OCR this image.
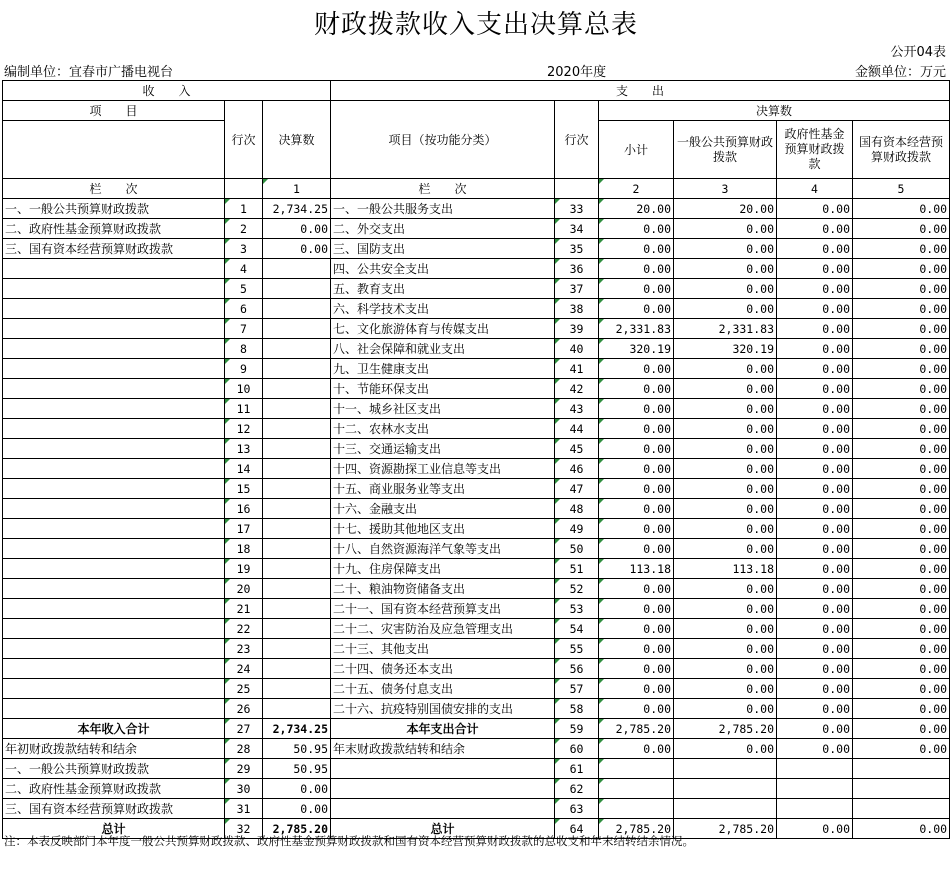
财政拨款收入支出决算总表
公开04表
编制单位：宜春市广播电视台	2020年度	金额单位：万元
收　　入			支　　出					
项　　目	行次	决算数	项目（按功能分类）	行次	决算数			
					小计	一般公共预算财政拨款	政府性基金预算财政拨款	国有资本经营预算财政拨款
栏　　次		1	栏　　次		2	3	4	5
一、一般公共预算财政拨款	1	2,734.25	一、一般公共服务支出	33	20.00	20.00	0.00	0.00
二、政府性基金预算财政拨款	2	0.00	二、外交支出	34	0.00	0.00	0.00	0.00
三、国有资本经营预算财政拨款	3	0.00	三、国防支出	35	0.00	0.00	0.00	0.00
	4		四、公共安全支出	36	0.00	0.00	0.00	0.00
	5		五、教育支出	37	0.00	0.00	0.00	0.00
	6		六、科学技术支出	38	0.00	0.00	0.00	0.00
	7		七、文化旅游体育与传媒支出	39	2,331.83	2,331.83	0.00	0.00
	8		八、社会保障和就业支出	40	320.19	320.19	0.00	0.00
	9		九、卫生健康支出	41	0.00	0.00	0.00	0.00
	10		十、节能环保支出	42	0.00	0.00	0.00	0.00
	11		十一、城乡社区支出	43	0.00	0.00	0.00	0.00
	12		十二、农林水支出	44	0.00	0.00	0.00	0.00
	13		十三、交通运输支出	45	0.00	0.00	0.00	0.00
	14		十四、资源勘探工业信息等支出	46	0.00	0.00	0.00	0.00
	15		十五、商业服务业等支出	47	0.00	0.00	0.00	0.00
	16		十六、金融支出	48	0.00	0.00	0.00	0.00
	17		十七、援助其他地区支出	49	0.00	0.00	0.00	0.00
	18		十八、自然资源海洋气象等支出	50	0.00	0.00	0.00	0.00
	19		十九、住房保障支出	51	113.18	113.18	0.00	0.00
	20		二十、粮油物资储备支出	52	0.00	0.00	0.00	0.00
	21		二十一、国有资本经营预算支出	53	0.00	0.00	0.00	0.00
	22		二十二、灾害防治及应急管理支出	54	0.00	0.00	0.00	0.00
	23		二十三、其他支出	55	0.00	0.00	0.00	0.00
	24		二十四、债务还本支出	56	0.00	0.00	0.00	0.00
	25		二十五、债务付息支出	57	0.00	0.00	0.00	0.00
	26		二十六、抗疫特别国债安排的支出	58	0.00	0.00	0.00	0.00
本年收入合计	27	2,734.25	本年支出合计	59	2,785.20	2,785.20	0.00	0.00
年初财政拨款结转和结余	28	50.95	年末财政拨款结转和结余	60	0.00	0.00	0.00	0.00
一、一般公共预算财政拨款	29	50.95		61				
二、政府性基金预算财政拨款	30	0.00		62				
三、国有资本经营预算财政拨款	31	0.00		63				
总计	32	2,785.20	总计	64	2,785.20	2,785.20	0.00	0.00
注：本表反映部门本年度一般公共预算财政拨款、政府性基金预算财政拨款和国有资本经营预算财政拨款的总收支和年末结转结余情况。
